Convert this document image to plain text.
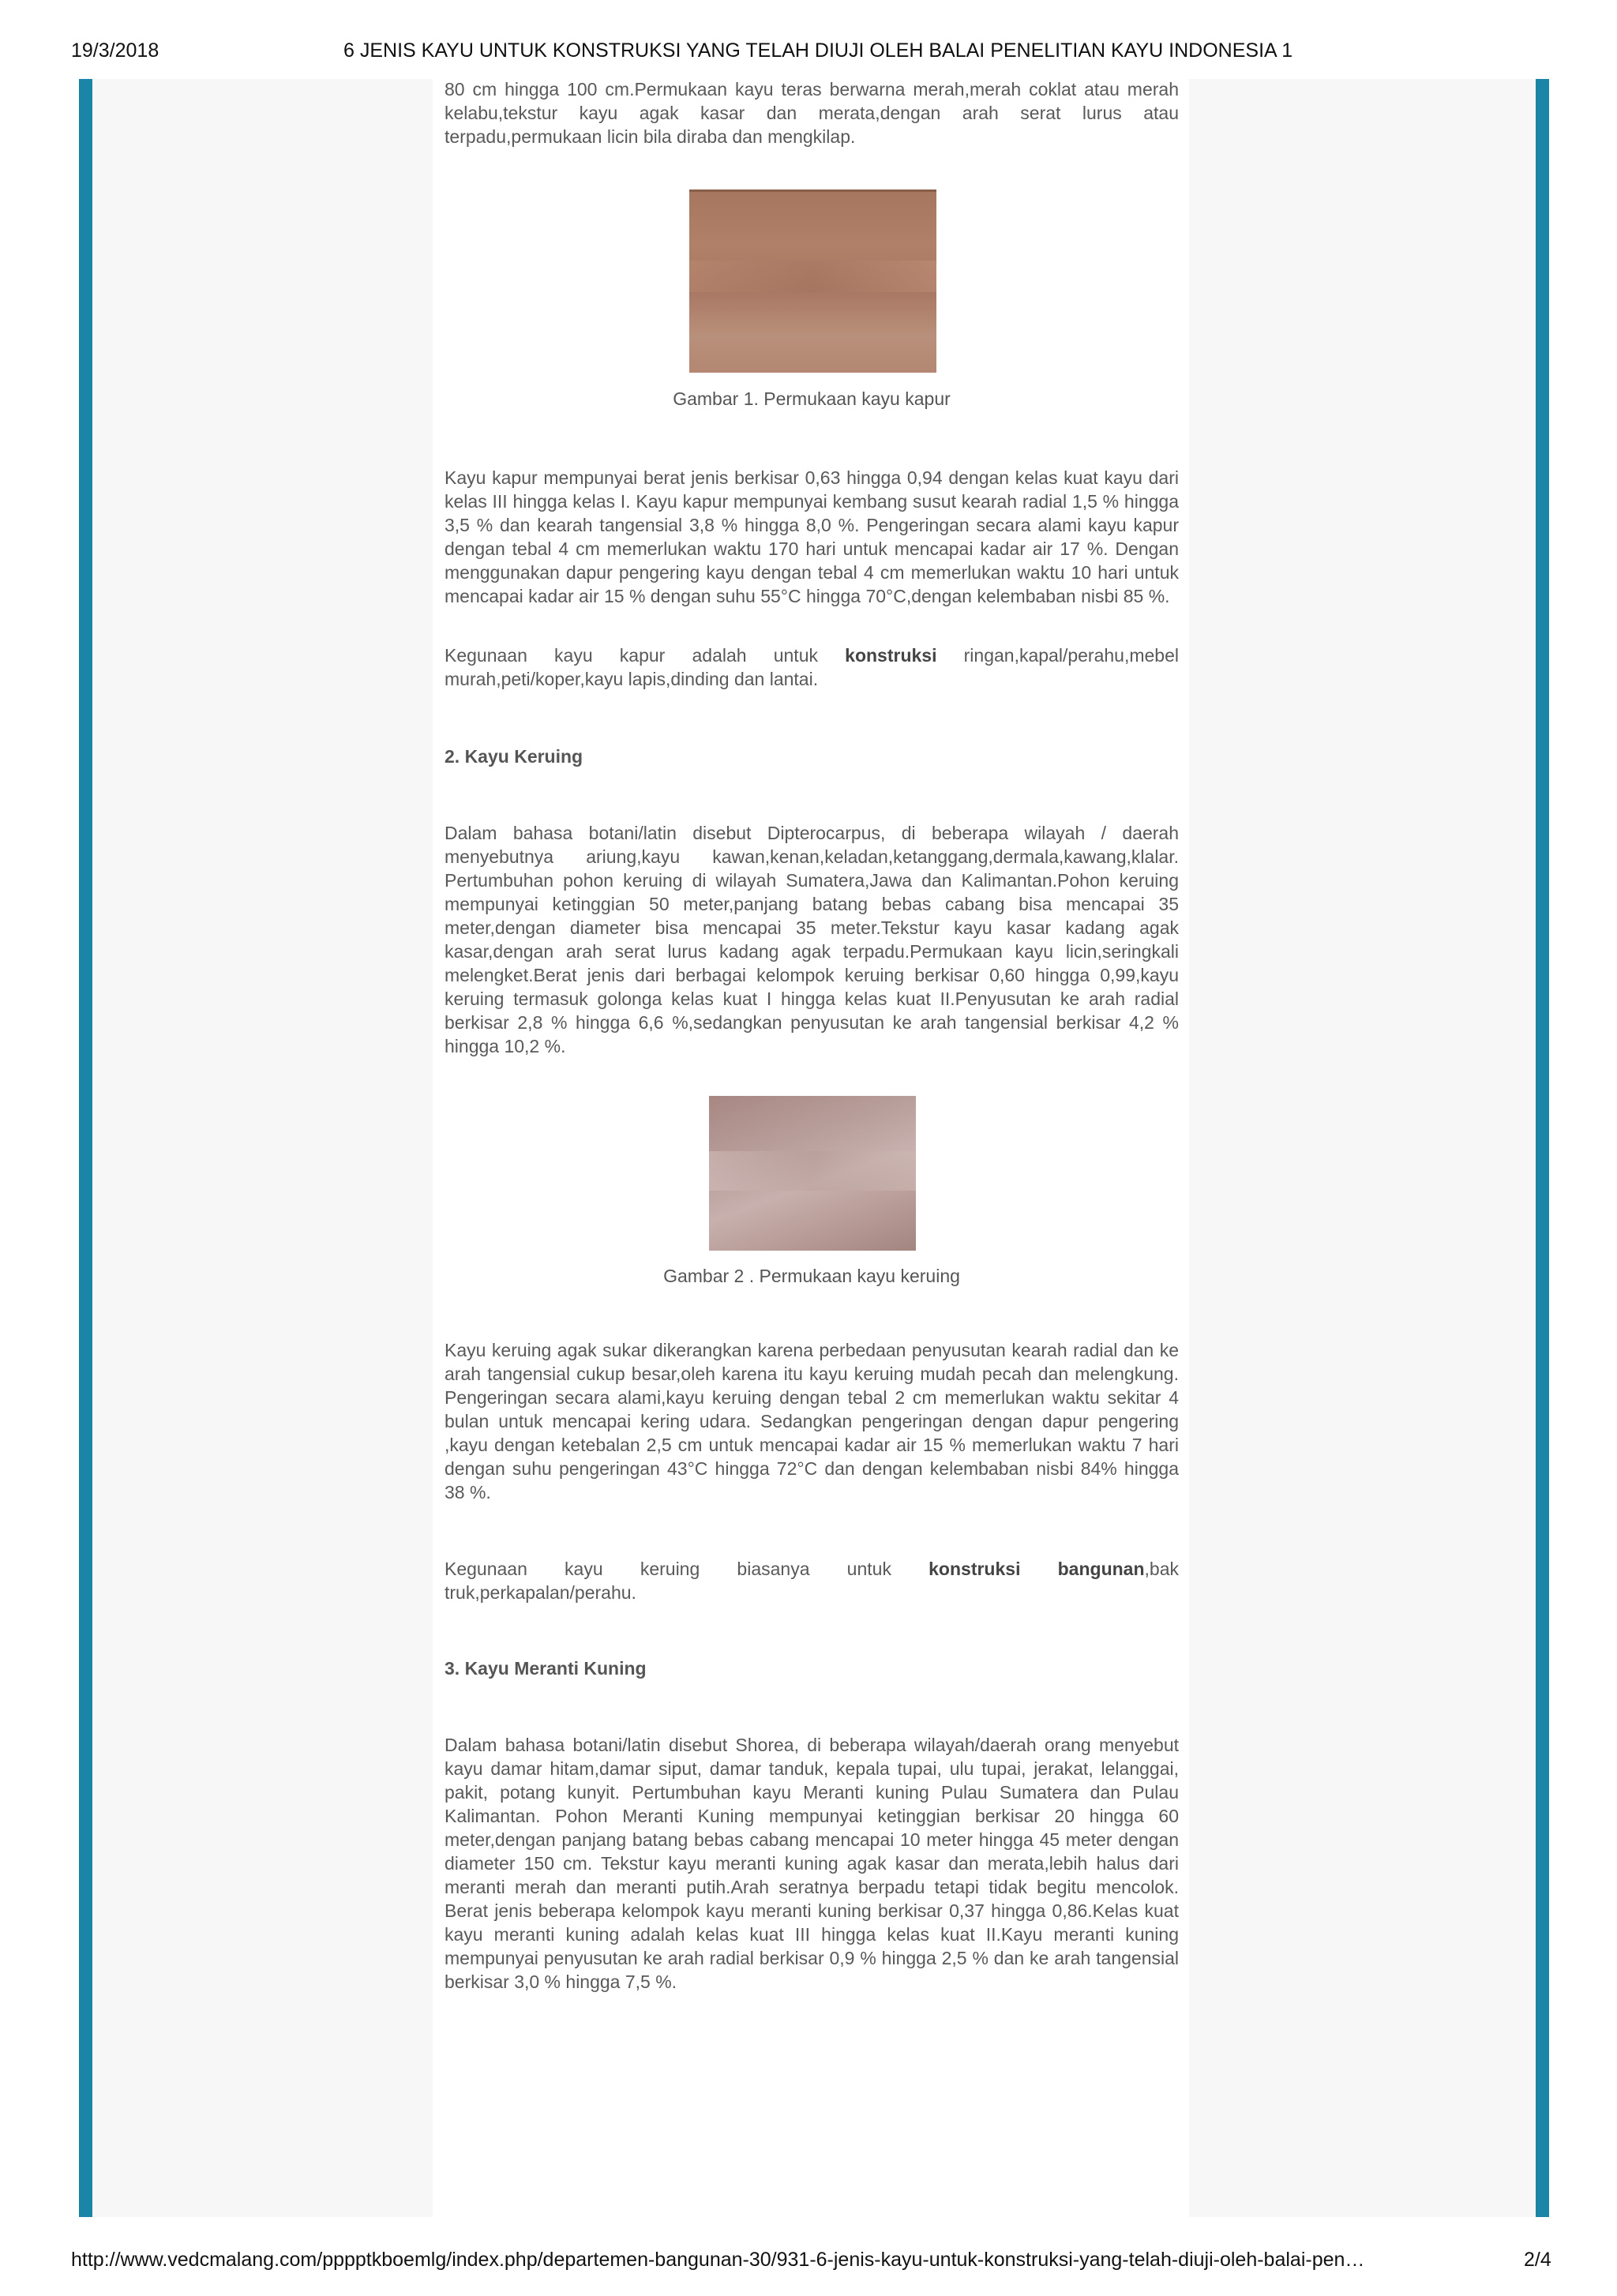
19/3/2018	6 JENIS KAYU UNTUK KONSTRUKSI YANG TELAH DIUJI OLEH BALAI PENELITIAN KAYU INDONESIA 1

80 cm hingga 100 cm.Permukaan kayu teras berwarna merah,merah coklat atau merah kelabu,tekstur kayu agak kasar dan merata,dengan arah serat lurus atau terpadu,permukaan licin bila diraba dan mengkilap.

Gambar 1. Permukaan kayu kapur

Kayu kapur mempunyai berat jenis berkisar 0,63 hingga 0,94 dengan kelas kuat kayu dari kelas III hingga kelas I. Kayu kapur mempunyai kembang susut kearah radial 1,5 % hingga 3,5 % dan kearah tangensial 3,8 % hingga 8,0 %. Pengeringan secara alami kayu kapur dengan tebal 4 cm memerlukan waktu 170 hari untuk mencapai kadar air 17 %. Dengan menggunakan dapur pengering kayu dengan tebal 4 cm memerlukan waktu 10 hari untuk mencapai kadar air 15 % dengan suhu 55°C hingga 70°C,dengan kelembaban nisbi 85 %.

Kegunaan kayu kapur adalah untuk konstruksi ringan,kapal/perahu,mebel murah,peti/koper,kayu lapis,dinding dan lantai.

2. Kayu Keruing

Dalam bahasa botani/latin disebut Dipterocarpus, di beberapa wilayah / daerah menyebutnya ariung,kayu kawan,kenan,keladan,ketanggang,dermala,kawang,klalar. Pertumbuhan pohon keruing di wilayah Sumatera,Jawa dan Kalimantan.Pohon keruing mempunyai ketinggian 50 meter,panjang batang bebas cabang bisa mencapai 35 meter,dengan diameter bisa mencapai 35 meter.Tekstur kayu kasar kadang agak kasar,dengan arah serat lurus kadang agak terpadu.Permukaan kayu licin,seringkali melengket.Berat jenis dari berbagai kelompok keruing berkisar 0,60 hingga 0,99,kayu keruing termasuk golonga kelas kuat I hingga kelas kuat II.Penyusutan ke arah radial berkisar 2,8 % hingga 6,6 %,sedangkan penyusutan ke arah tangensial berkisar 4,2 % hingga 10,2 %.

Gambar 2 . Permukaan kayu keruing

Kayu keruing agak sukar dikerangkan karena perbedaan penyusutan kearah radial dan ke arah tangensial cukup besar,oleh karena itu kayu keruing mudah pecah dan melengkung. Pengeringan secara alami,kayu keruing dengan tebal 2 cm memerlukan waktu sekitar 4 bulan untuk mencapai kering udara. Sedangkan pengeringan dengan dapur pengering ,kayu dengan ketebalan 2,5 cm untuk mencapai kadar air 15 % memerlukan waktu 7 hari dengan suhu pengeringan 43°C hingga 72°C dan dengan kelembaban nisbi 84% hingga 38 %.

Kegunaan kayu keruing biasanya untuk konstruksi bangunan,bak truk,perkapalan/perahu.

3. Kayu Meranti Kuning

Dalam bahasa botani/latin disebut Shorea, di beberapa wilayah/daerah orang menyebut kayu damar hitam,damar siput, damar tanduk, kepala tupai, ulu tupai, jerakat, lelanggai, pakit, potang kunyit. Pertumbuhan kayu Meranti kuning Pulau Sumatera dan Pulau Kalimantan. Pohon Meranti Kuning mempunyai ketinggian berkisar 20 hingga 60 meter,dengan panjang batang bebas cabang mencapai 10 meter hingga 45 meter dengan diameter 150 cm. Tekstur kayu meranti kuning agak kasar dan merata,lebih halus dari meranti merah dan meranti putih.Arah seratnya berpadu tetapi tidak begitu mencolok. Berat jenis beberapa kelompok kayu meranti kuning berkisar 0,37 hingga 0,86.Kelas kuat kayu meranti kuning adalah kelas kuat III hingga kelas kuat II.Kayu meranti kuning mempunyai penyusutan ke arah radial berkisar 0,9 % hingga 2,5 % dan ke arah tangensial berkisar 3,0 % hingga 7,5 %.

http://www.vedcmalang.com/pppptkboemlg/index.php/departemen-bangunan-30/931-6-jenis-kayu-untuk-konstruksi-yang-telah-diuji-oleh-balai-pen…	2/4
